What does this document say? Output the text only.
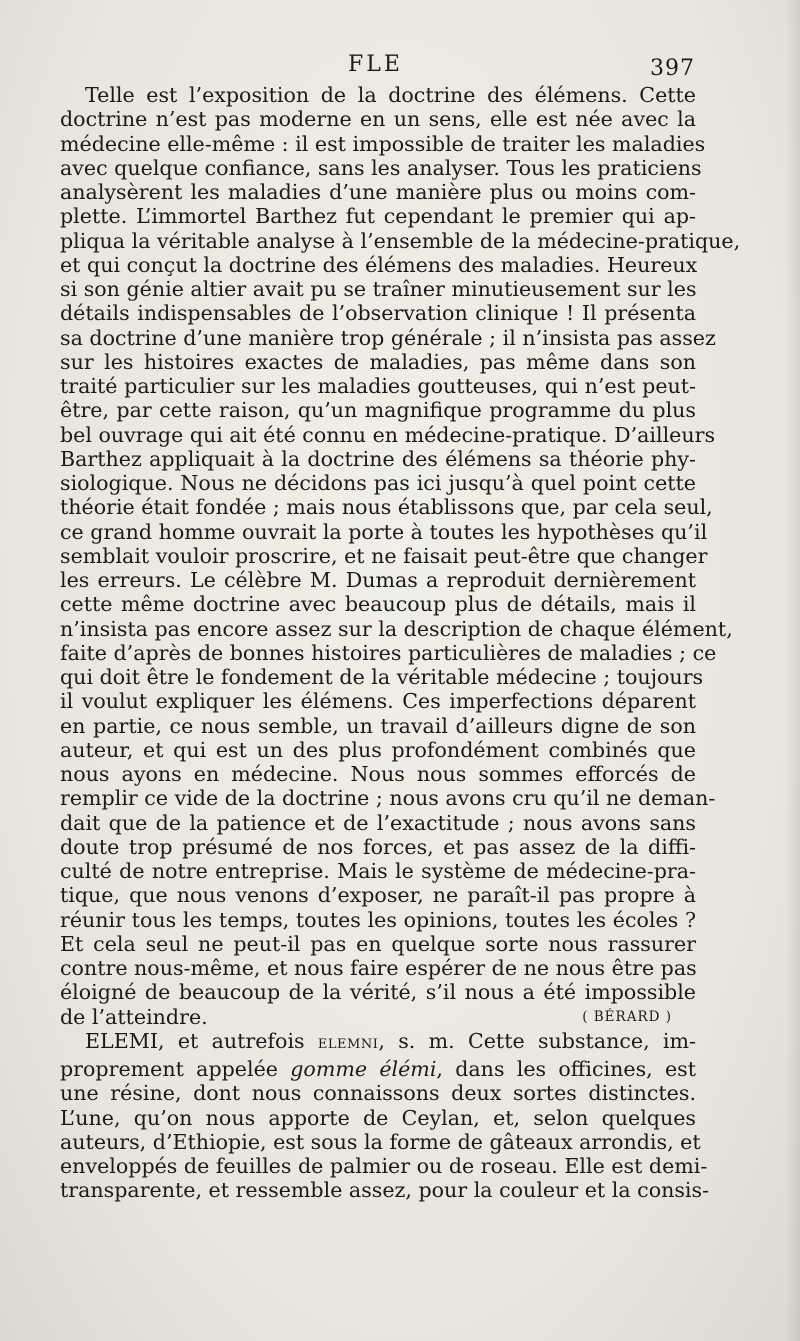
FLE	397
Telle est l’exposition de la doctrine des élémens. Cette
doctrine n’est pas moderne en un sens, elle est née avec la
médecine elle-même : il est impossible de traiter les maladies
avec quelque confiance, sans les analyser. Tous les praticiens
analysèrent les maladies d’une manière plus ou moins com-
plette. L’immortel Barthez fut cependant le premier qui ap-
pliqua la véritable analyse à l’ensemble de la médecine-pratique,
et qui conçut la doctrine des élémens des maladies. Heureux
si son génie altier avait pu se traîner minutieusement sur les
détails indispensables de l’observation clinique ! Il présenta
sa doctrine d’une manière trop générale ; il n’insista pas assez
sur les histoires exactes de maladies, pas même dans son
traité particulier sur les maladies goutteuses, qui n’est peut-
être, par cette raison, qu’un magnifique programme du plus
bel ouvrage qui ait été connu en médecine-pratique. D’ailleurs
Barthez appliquait à la doctrine des élémens sa théorie phy-
siologique. Nous ne décidons pas ici jusqu’à quel point cette
théorie était fondée ; mais nous établissons que, par cela seul,
ce grand homme ouvrait la porte à toutes les hypothèses qu’il
semblait vouloir proscrire, et ne faisait peut-être que changer
les erreurs. Le célèbre M. Dumas a reproduit dernièrement
cette même doctrine avec beaucoup plus de détails, mais il
n’insista pas encore assez sur la description de chaque élément,
faite d’après de bonnes histoires particulières de maladies ; ce
qui doit être le fondement de la véritable médecine ; toujours
il voulut expliquer les élémens. Ces imperfections déparent
en partie, ce nous semble, un travail d’ailleurs digne de son
auteur, et qui est un des plus profondément combinés que
nous ayons en médecine. Nous nous sommes efforcés de
remplir ce vide de la doctrine ; nous avons cru qu’il ne deman-
dait que de la patience et de l’exactitude ; nous avons sans
doute trop présumé de nos forces, et pas assez de la diffi-
culté de notre entreprise. Mais le système de médecine-pra-
tique, que nous venons d’exposer, ne paraît-il pas propre à
réunir tous les temps, toutes les opinions, toutes les écoles ?
Et cela seul ne peut-il pas en quelque sorte nous rassurer
contre nous-même, et nous faire espérer de ne nous être pas
éloigné de beaucoup de la vérité, s’il nous a été impossible
de l’atteindre.	( BÉRARD )
ELEMI, et autrefois ELEMNI, s. m. Cette substance, im-
proprement appelée gomme élémi, dans les officines, est
une résine, dont nous connaissons deux sortes distinctes.
L’une, qu’on nous apporte de Ceylan, et, selon quelques
auteurs, d’Ethiopie, est sous la forme de gâteaux arrondis, et
enveloppés de feuilles de palmier ou de roseau. Elle est demi-
transparente, et ressemble assez, pour la couleur et la consis-
